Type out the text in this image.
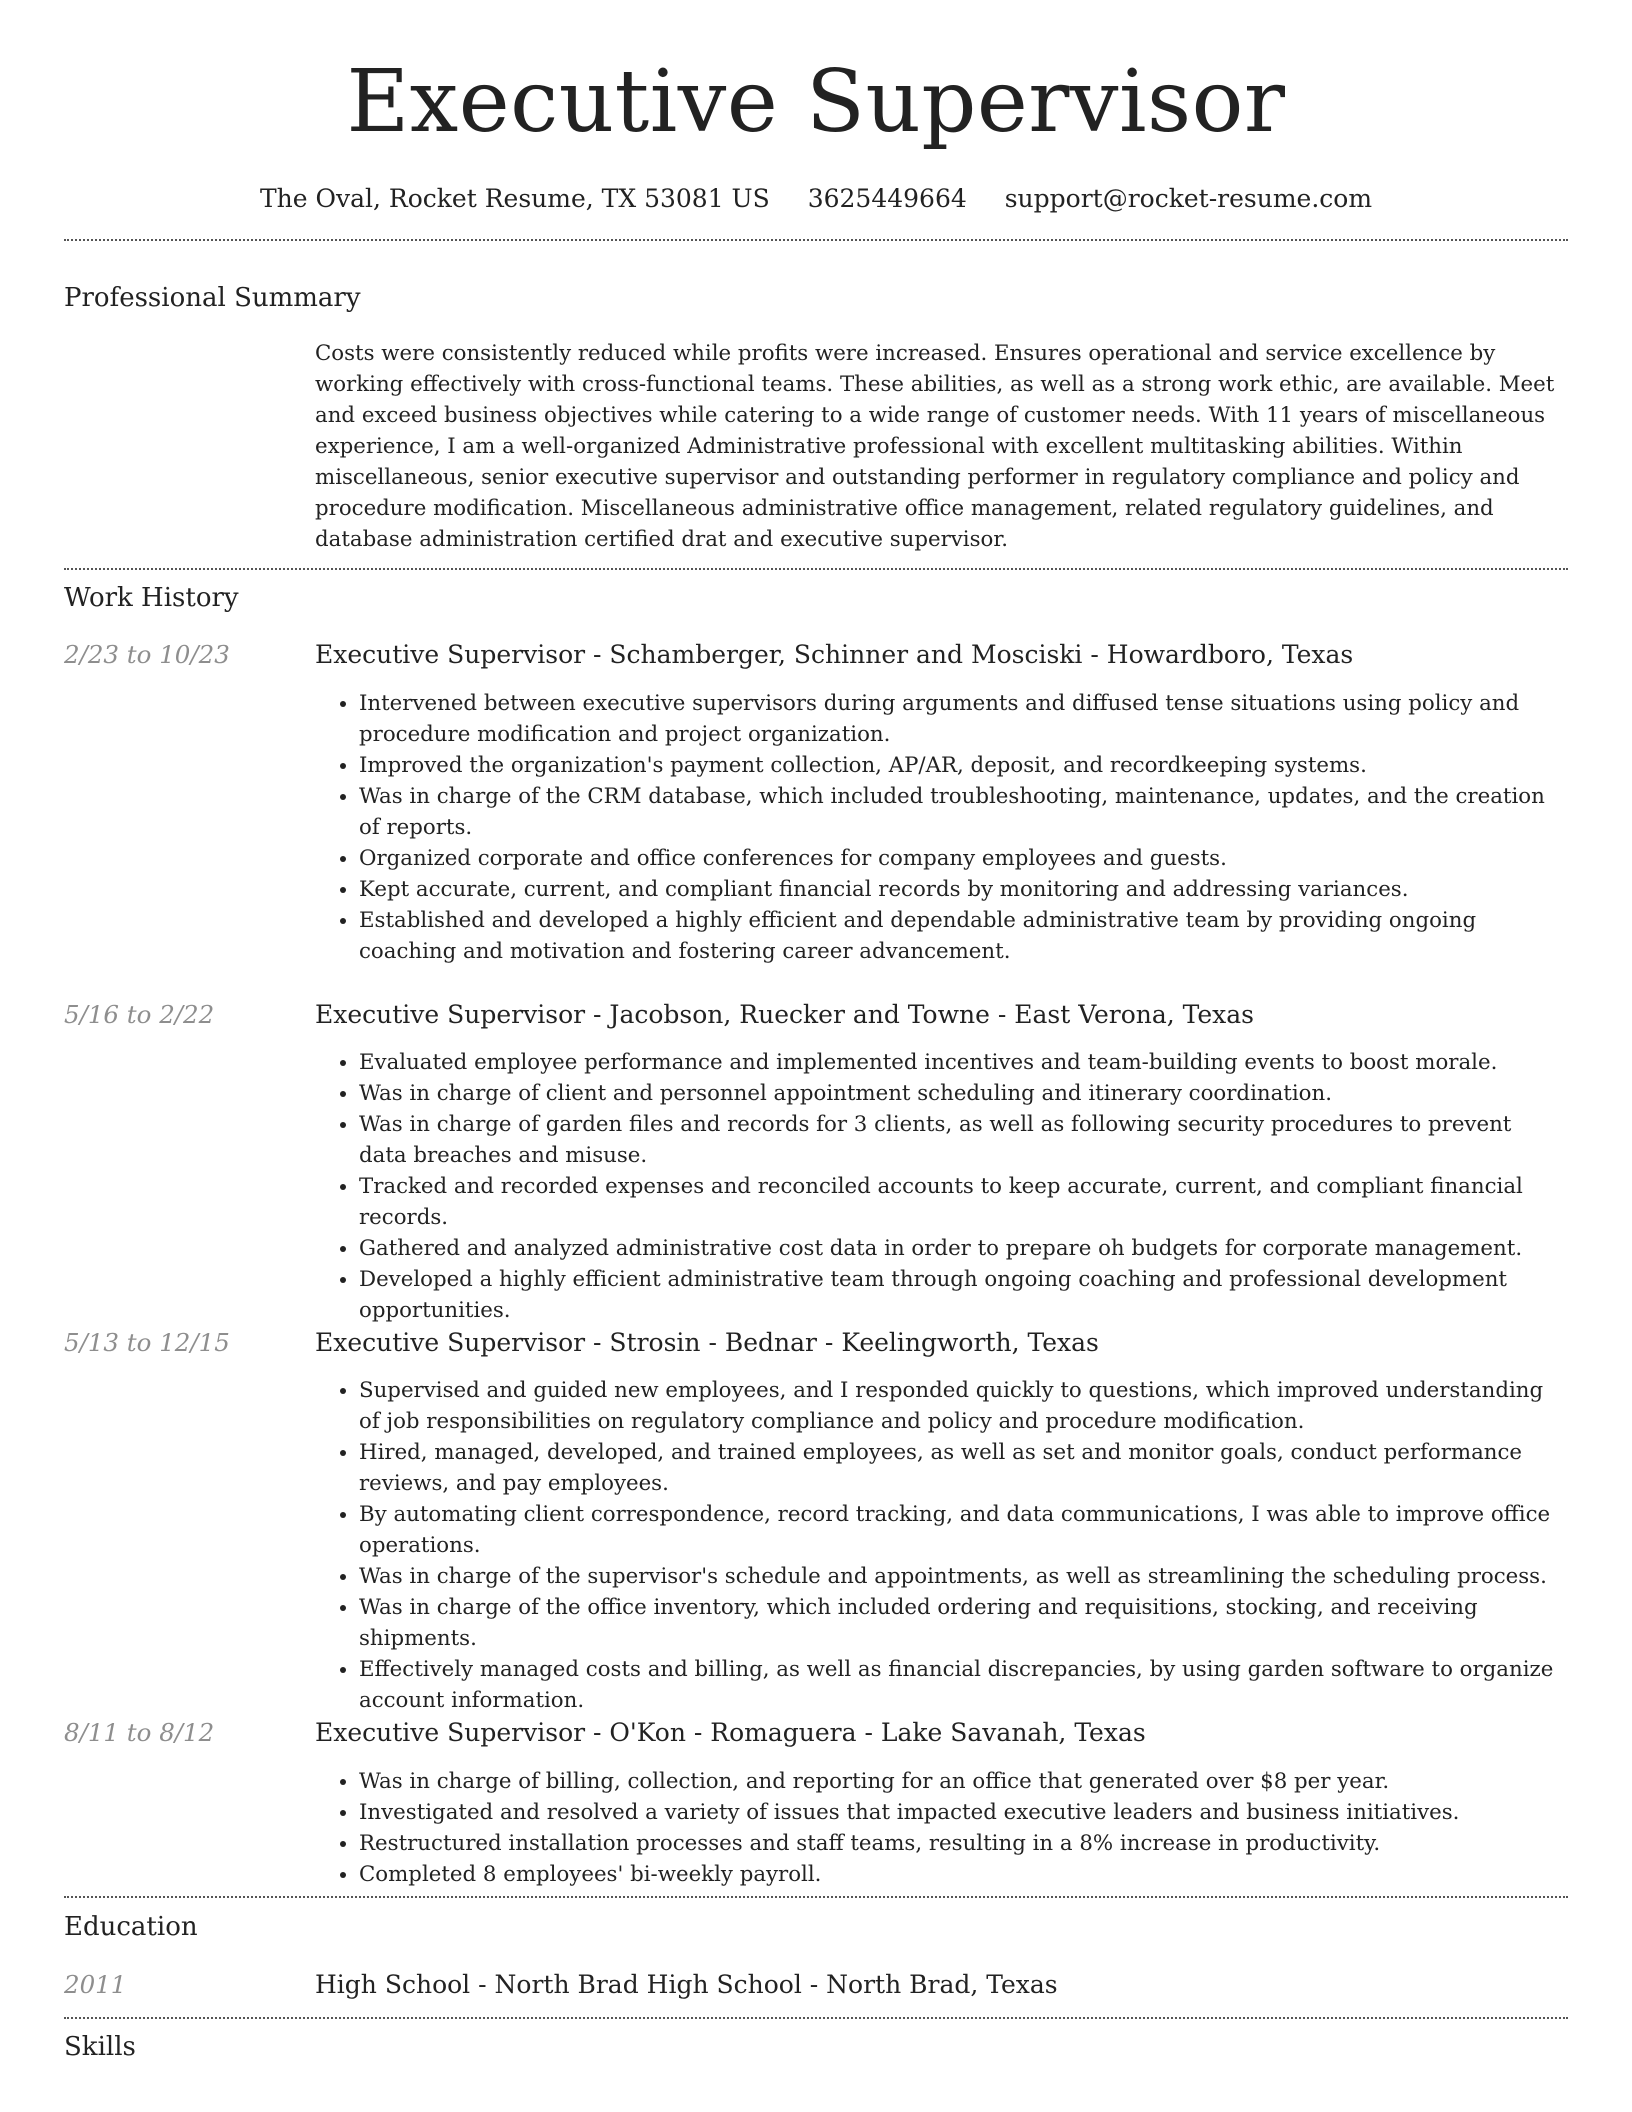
Executive Supervisor
The Oval, Rocket Resume, TX 53081 US 3625449664 support@rocket-resume.com
Professional Summary

Costs were consistently reduced while profits were increased. Ensures operational and service excellence by working effectively with cross-functional teams. These abilities, as well as a strong work ethic, are available. Meet and exceed business objectives while catering to a wide range of customer needs. With 11 years of miscellaneous experience, I am a well-organized Administrative professional with excellent multitasking abilities. Within miscellaneous, senior executive supervisor and outstanding performer in regulatory compliance and policy and procedure modification. Miscellaneous administrative office management, related regulatory guidelines, and database administration certified drat and executive supervisor.

Work History
2/23 to 10/23	Executive Supervisor - Schamberger, Schinner and Mosciski - Howardboro, Texas
• Intervened between executive supervisors during arguments and diffused tense situations using policy and procedure modification and project organization.
• Improved the organization's payment collection, AP/AR, deposit, and recordkeeping systems.
• Was in charge of the CRM database, which included troubleshooting, maintenance, updates, and the creation of reports.
• Organized corporate and office conferences for company employees and guests.
• Kept accurate, current, and compliant financial records by monitoring and addressing variances.
• Established and developed a highly efficient and dependable administrative team by providing ongoing coaching and motivation and fostering career advancement.
5/16 to 2/22	Executive Supervisor - Jacobson, Ruecker and Towne - East Verona, Texas
• Evaluated employee performance and implemented incentives and team-building events to boost morale.
• Was in charge of client and personnel appointment scheduling and itinerary coordination.
• Was in charge of garden files and records for 3 clients, as well as following security procedures to prevent data breaches and misuse.
• Tracked and recorded expenses and reconciled accounts to keep accurate, current, and compliant financial records.
• Gathered and analyzed administrative cost data in order to prepare oh budgets for corporate management.
• Developed a highly efficient administrative team through ongoing coaching and professional development opportunities.
5/13 to 12/15	Executive Supervisor - Strosin - Bednar - Keelingworth, Texas
• Supervised and guided new employees, and I responded quickly to questions, which improved understanding of job responsibilities on regulatory compliance and policy and procedure modification.
• Hired, managed, developed, and trained employees, as well as set and monitor goals, conduct performance reviews, and pay employees.
• By automating client correspondence, record tracking, and data communications, I was able to improve office operations.
• Was in charge of the supervisor's schedule and appointments, as well as streamlining the scheduling process.
• Was in charge of the office inventory, which included ordering and requisitions, stocking, and receiving shipments.
• Effectively managed costs and billing, as well as financial discrepancies, by using garden software to organize account information.
8/11 to 8/12	Executive Supervisor - O'Kon - Romaguera - Lake Savanah, Texas
• Was in charge of billing, collection, and reporting for an office that generated over $8 per year.
• Investigated and resolved a variety of issues that impacted executive leaders and business initiatives.
• Restructured installation processes and staff teams, resulting in a 8% increase in productivity.
• Completed 8 employees' bi-weekly payroll.
Education
2011	High School - North Brad High School - North Brad, Texas
Skills
